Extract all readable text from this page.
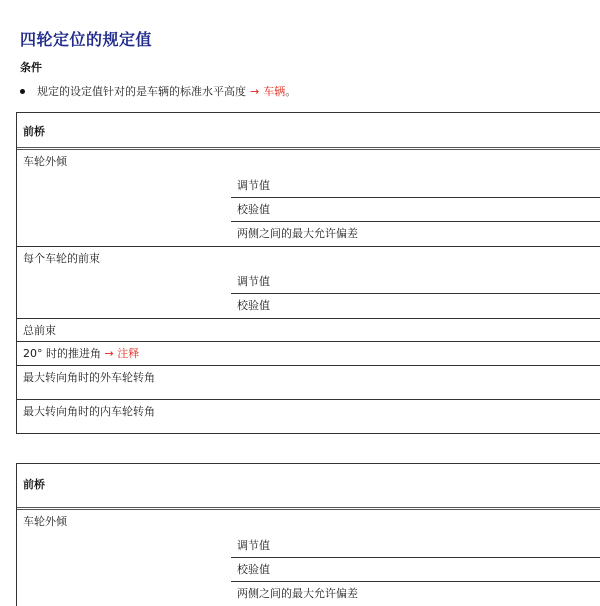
四轮定位的规定值
条件
规定的设定值针对的是车辆的标准水平高度 → 车辆 。
前桥
车轮外倾
调节值
校验值
两侧之间的最大允许偏差
每个车轮的前束
调节值
校验值
总前束
20° 时的推进角 → 注释
最大转向角时的外车轮转角
最大转向角时的内车轮转角
前桥
车轮外倾
调节值
校验值
两侧之间的最大允许偏差
